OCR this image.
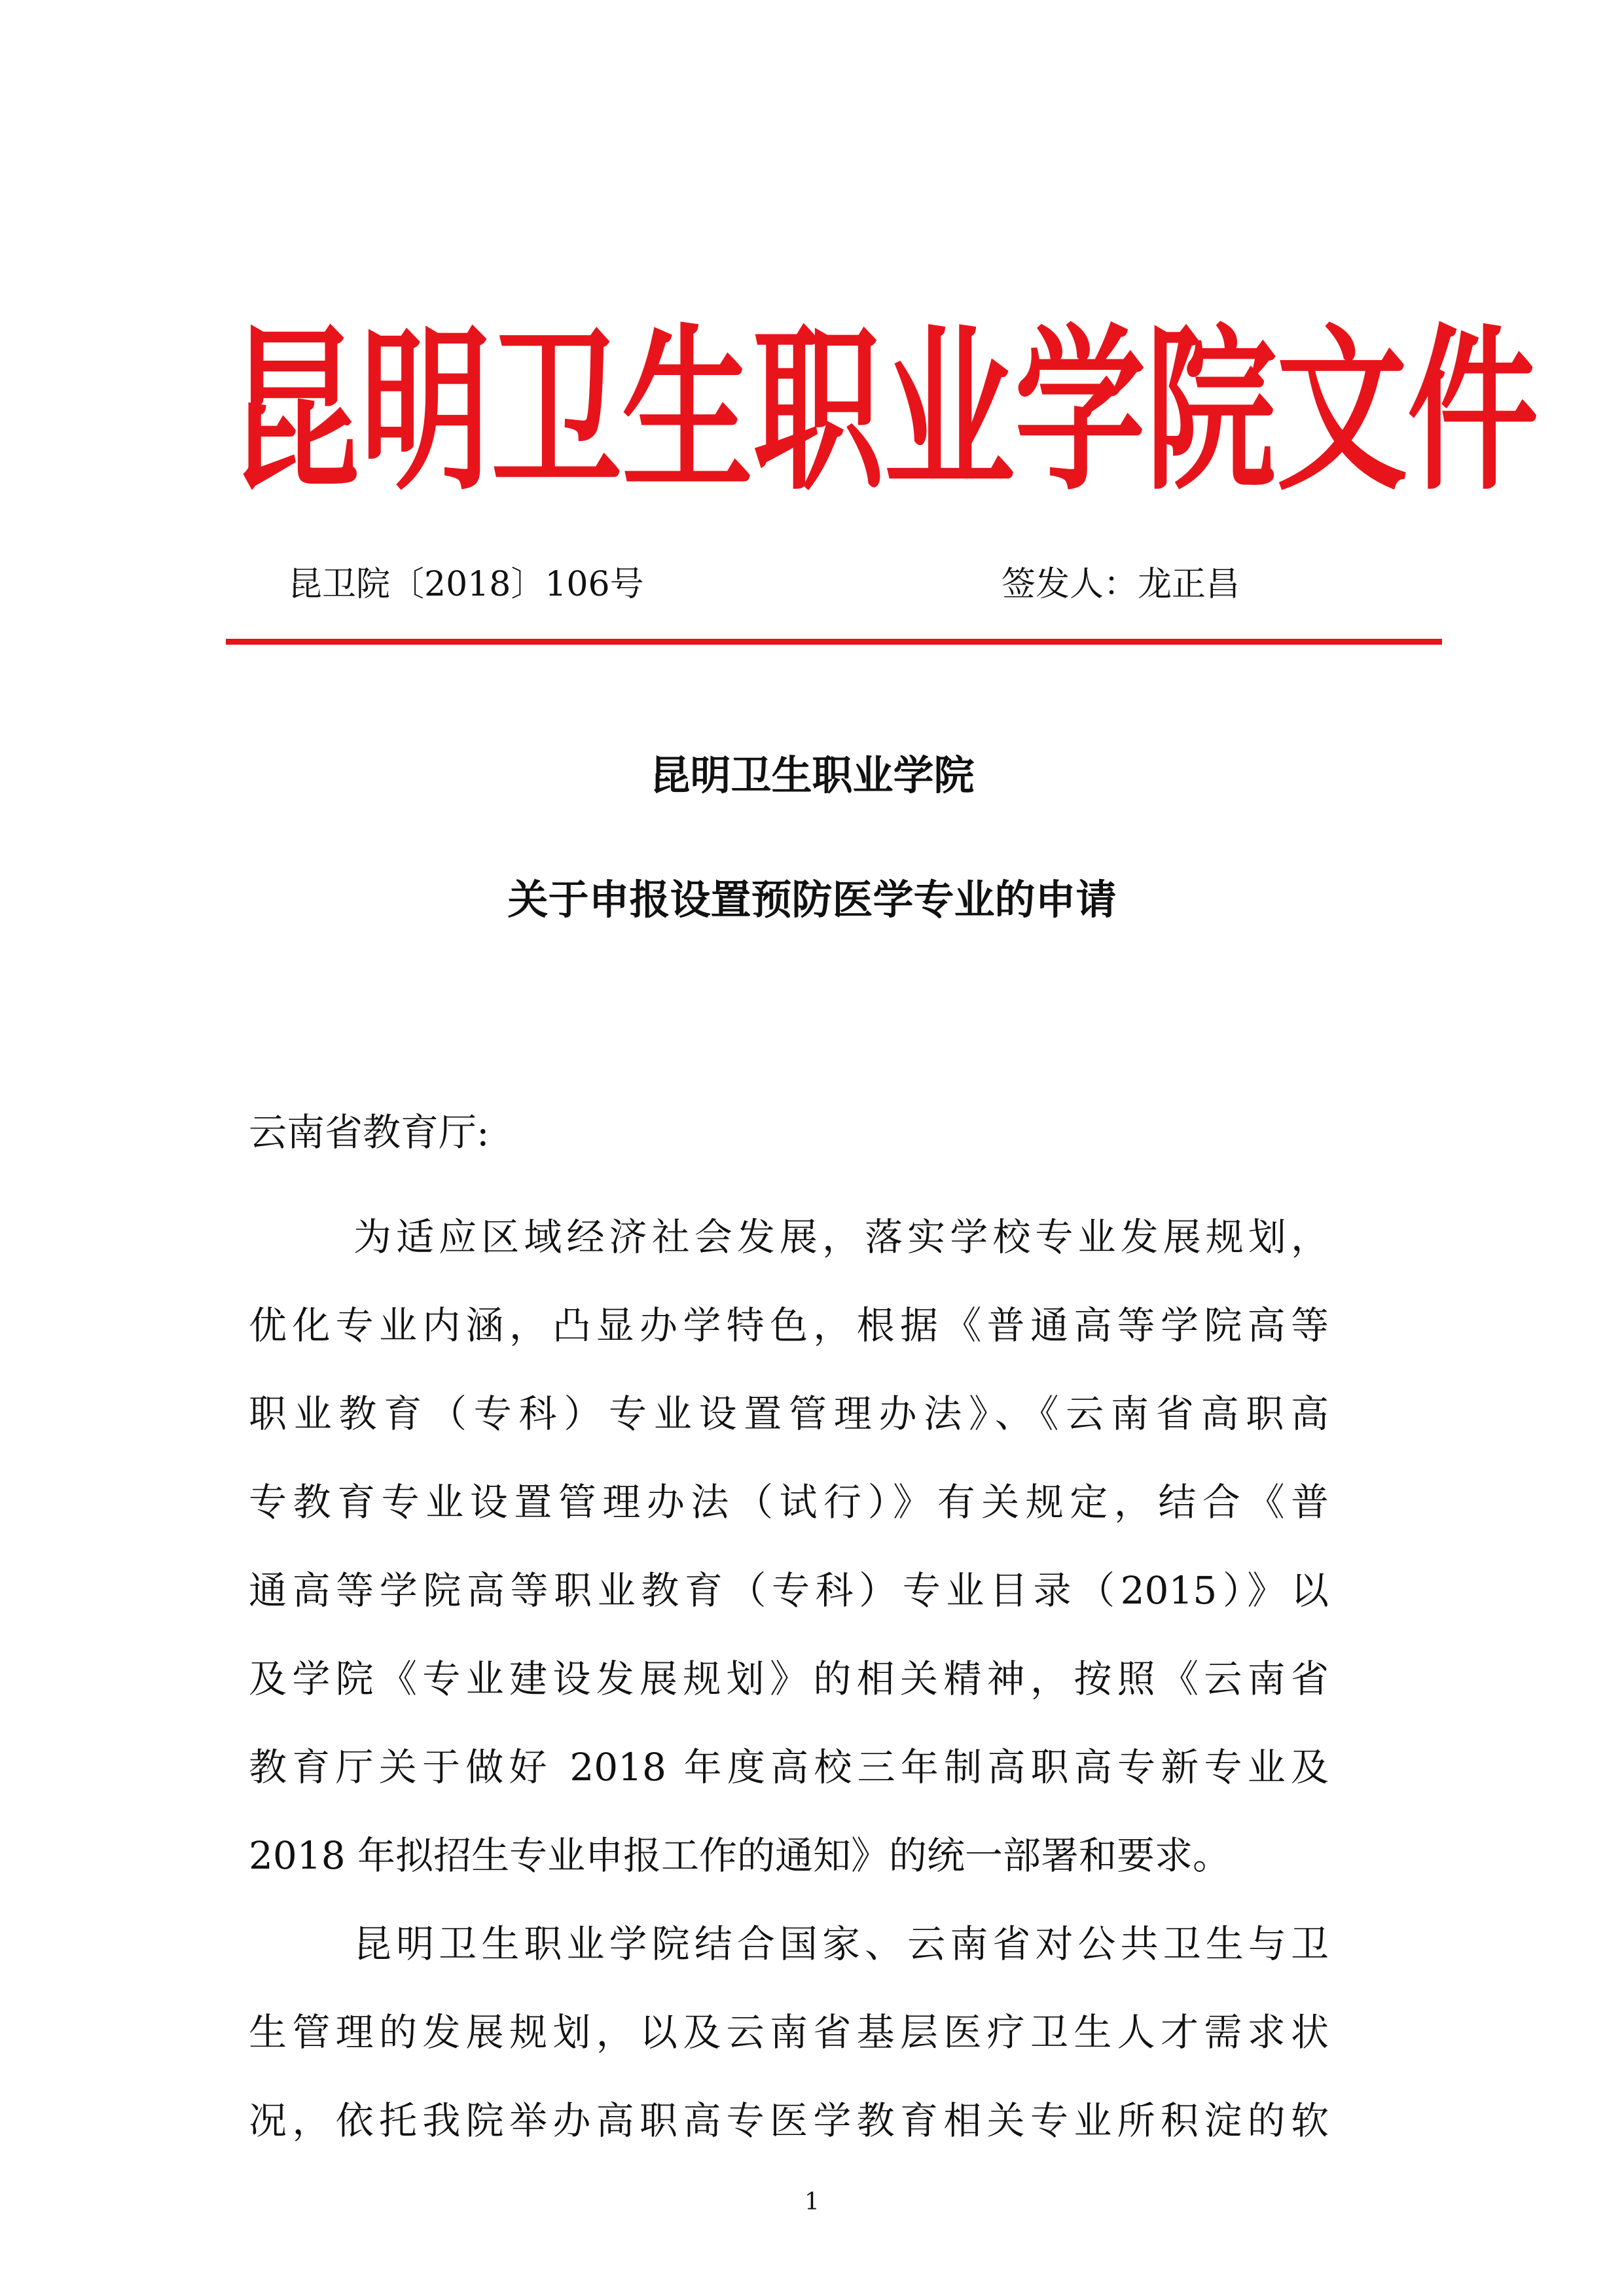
昆明卫生职业学院文件
昆卫院〔2018〕106号	签发人：龙正昌
昆明卫生职业学院
关于申报设置预防医学专业的申请
云南省教育厅:
为适应区域经济社会发展，落实学校专业发展规划，
优化专业内涵，凸显办学特色，根据《普通高等学院高等
职业教育（专科）专业设置管理办法》、《云南省高职高
专教育专业设置管理办法（试行）》有关规定，结合《普
通高等学院高等职业教育（专科）专业目录（2015）》以
及学院《专业建设发展规划》的相关精神，按照《云南省
教育厅关于做好 2018 年度高校三年制高职高专新专业及
2018 年拟招生专业申报工作的通知》的统一部署和要求。
昆明卫生职业学院结合国家、云南省对公共卫生与卫
生管理的发展规划，以及云南省基层医疗卫生人才需求状
况，依托我院举办高职高专医学教育相关专业所积淀的软
1
